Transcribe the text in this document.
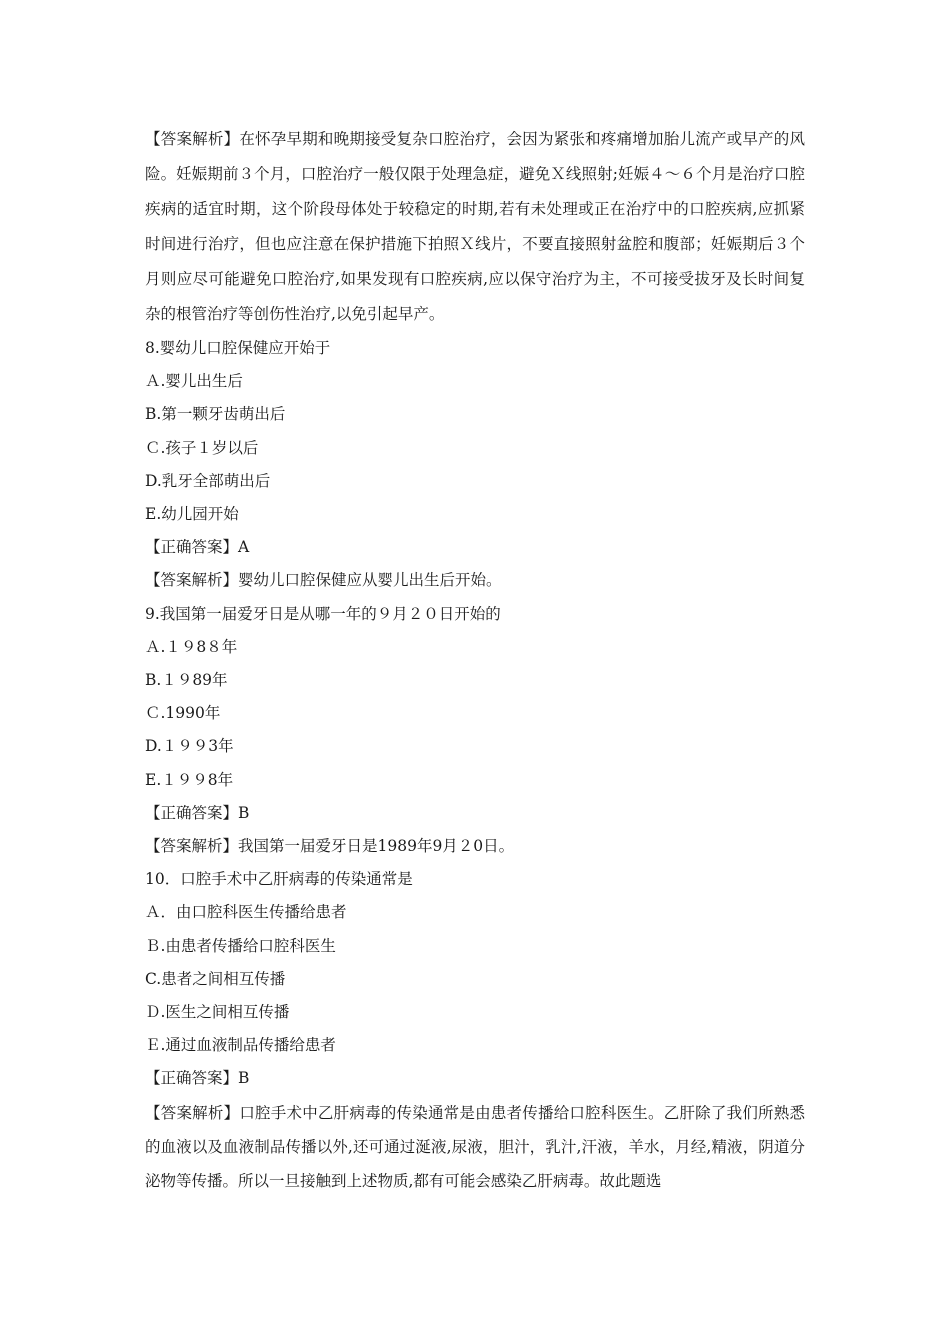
【答案解析】在怀孕早期和晚期接受复杂口腔治疗，会因为紧张和疼痛增加胎儿流产或早产的风险。妊娠期前３个月，口腔治疗一般仅限于处理急症，避免Ｘ线照射;妊娠４～６个月是治疗口腔疾病的适宜时期，这个阶段母体处于较稳定的时期,若有未处理或正在治疗中的口腔疾病,应抓紧时间进行治疗，但也应注意在保护措施下拍照Ｘ线片，不要直接照射盆腔和腹部；妊娠期后３个月则应尽可能避免口腔治疗,如果发现有口腔疾病,应以保守治疗为主，不可接受拔牙及长时间复杂的根管治疗等创伤性治疗,以免引起早产。

8.婴幼儿口腔保健应开始于

Ａ.婴儿出生后

B.第一颗牙齿萌出后

Ｃ.孩子１岁以后

D.乳牙全部萌出后

E.幼儿园开始

【正确答案】A

【答案解析】婴幼儿口腔保健应从婴儿出生后开始。

9.我国第一届爱牙日是从哪一年的９月２０日开始的

Ａ.１９8８年

B.１９89年

Ｃ.1990年

D.１９９3年

E.１９９8年

【正确答案】B

【答案解析】我国第一届爱牙日是1989年9月２0日。

10．口腔手术中乙肝病毒的传染通常是

Ａ．由口腔科医生传播给患者

Ｂ.由患者传播给口腔科医生

C.患者之间相互传播

Ｄ.医生之间相互传播

Ｅ.通过血液制品传播给患者

【正确答案】B

【答案解析】口腔手术中乙肝病毒的传染通常是由患者传播给口腔科医生。乙肝除了我们所熟悉的血液以及血液制品传播以外,还可通过涎液,尿液，胆汁，乳汁,汗液，羊水，月经,精液，阴道分泌物等传播。所以一旦接触到上述物质,都有可能会感染乙肝病毒。故此题选
